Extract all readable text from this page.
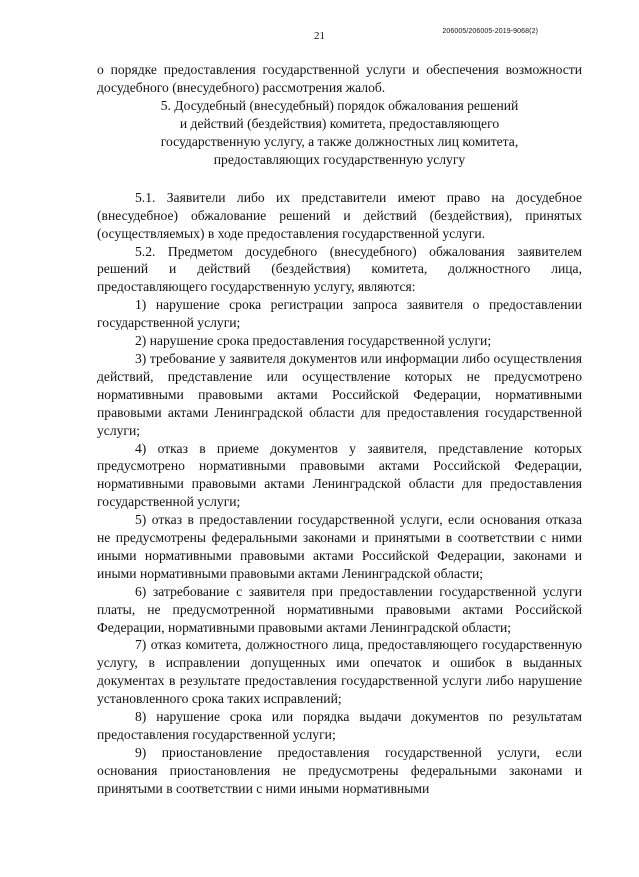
21	206005/206005-2019-9068(2)

о порядке предоставления государственной услуги и обеспечения возможности досудебного (внесудебного) рассмотрения жалоб.

5. Досудебный (внесудебный) порядок обжалования решений
и действий (бездействия) комитета, предоставляющего
государственную услугу, а также должностных лиц комитета,
предоставляющих государственную услугу

5.1. Заявители либо их представители имеют право на досудебное (внесудебное) обжалование решений и действий (бездействия), принятых (осуществляемых) в ходе предоставления государственной услуги.

5.2. Предметом досудебного (внесудебного) обжалования заявителем решений и действий (бездействия) комитета, должностного лица, предоставляющего государственную услугу, являются:

1) нарушение срока регистрации запроса заявителя о предоставлении государственной услуги;

2) нарушение срока предоставления государственной услуги;

3) требование у заявителя документов или информации либо осуществления действий, представление или осуществление которых не предусмотрено нормативными правовыми актами Российской Федерации, нормативными правовыми актами Ленинградской области для предоставления государственной услуги;

4) отказ в приеме документов у заявителя, представление которых предусмотрено нормативными правовыми актами Российской Федерации, нормативными правовыми актами Ленинградской области для предоставления государственной услуги;

5) отказ в предоставлении государственной услуги, если основания отказа не предусмотрены федеральными законами и принятыми в соответствии с ними иными нормативными правовыми актами Российской Федерации, законами и иными нормативными правовыми актами Ленинградской области;

6) затребование с заявителя при предоставлении государственной услуги платы, не предусмотренной нормативными правовыми актами Российской Федерации, нормативными правовыми актами Ленинградской области;

7) отказ комитета, должностного лица, предоставляющего государственную услугу, в исправлении допущенных ими опечаток и ошибок в выданных документах в результате предоставления государственной услуги либо нарушение установленного срока таких исправлений;

8) нарушение срока или порядка выдачи документов по результатам предоставления государственной услуги;

9) приостановление предоставления государственной услуги, если основания приостановления не предусмотрены федеральными законами и принятыми в соответствии с ними иными нормативными
